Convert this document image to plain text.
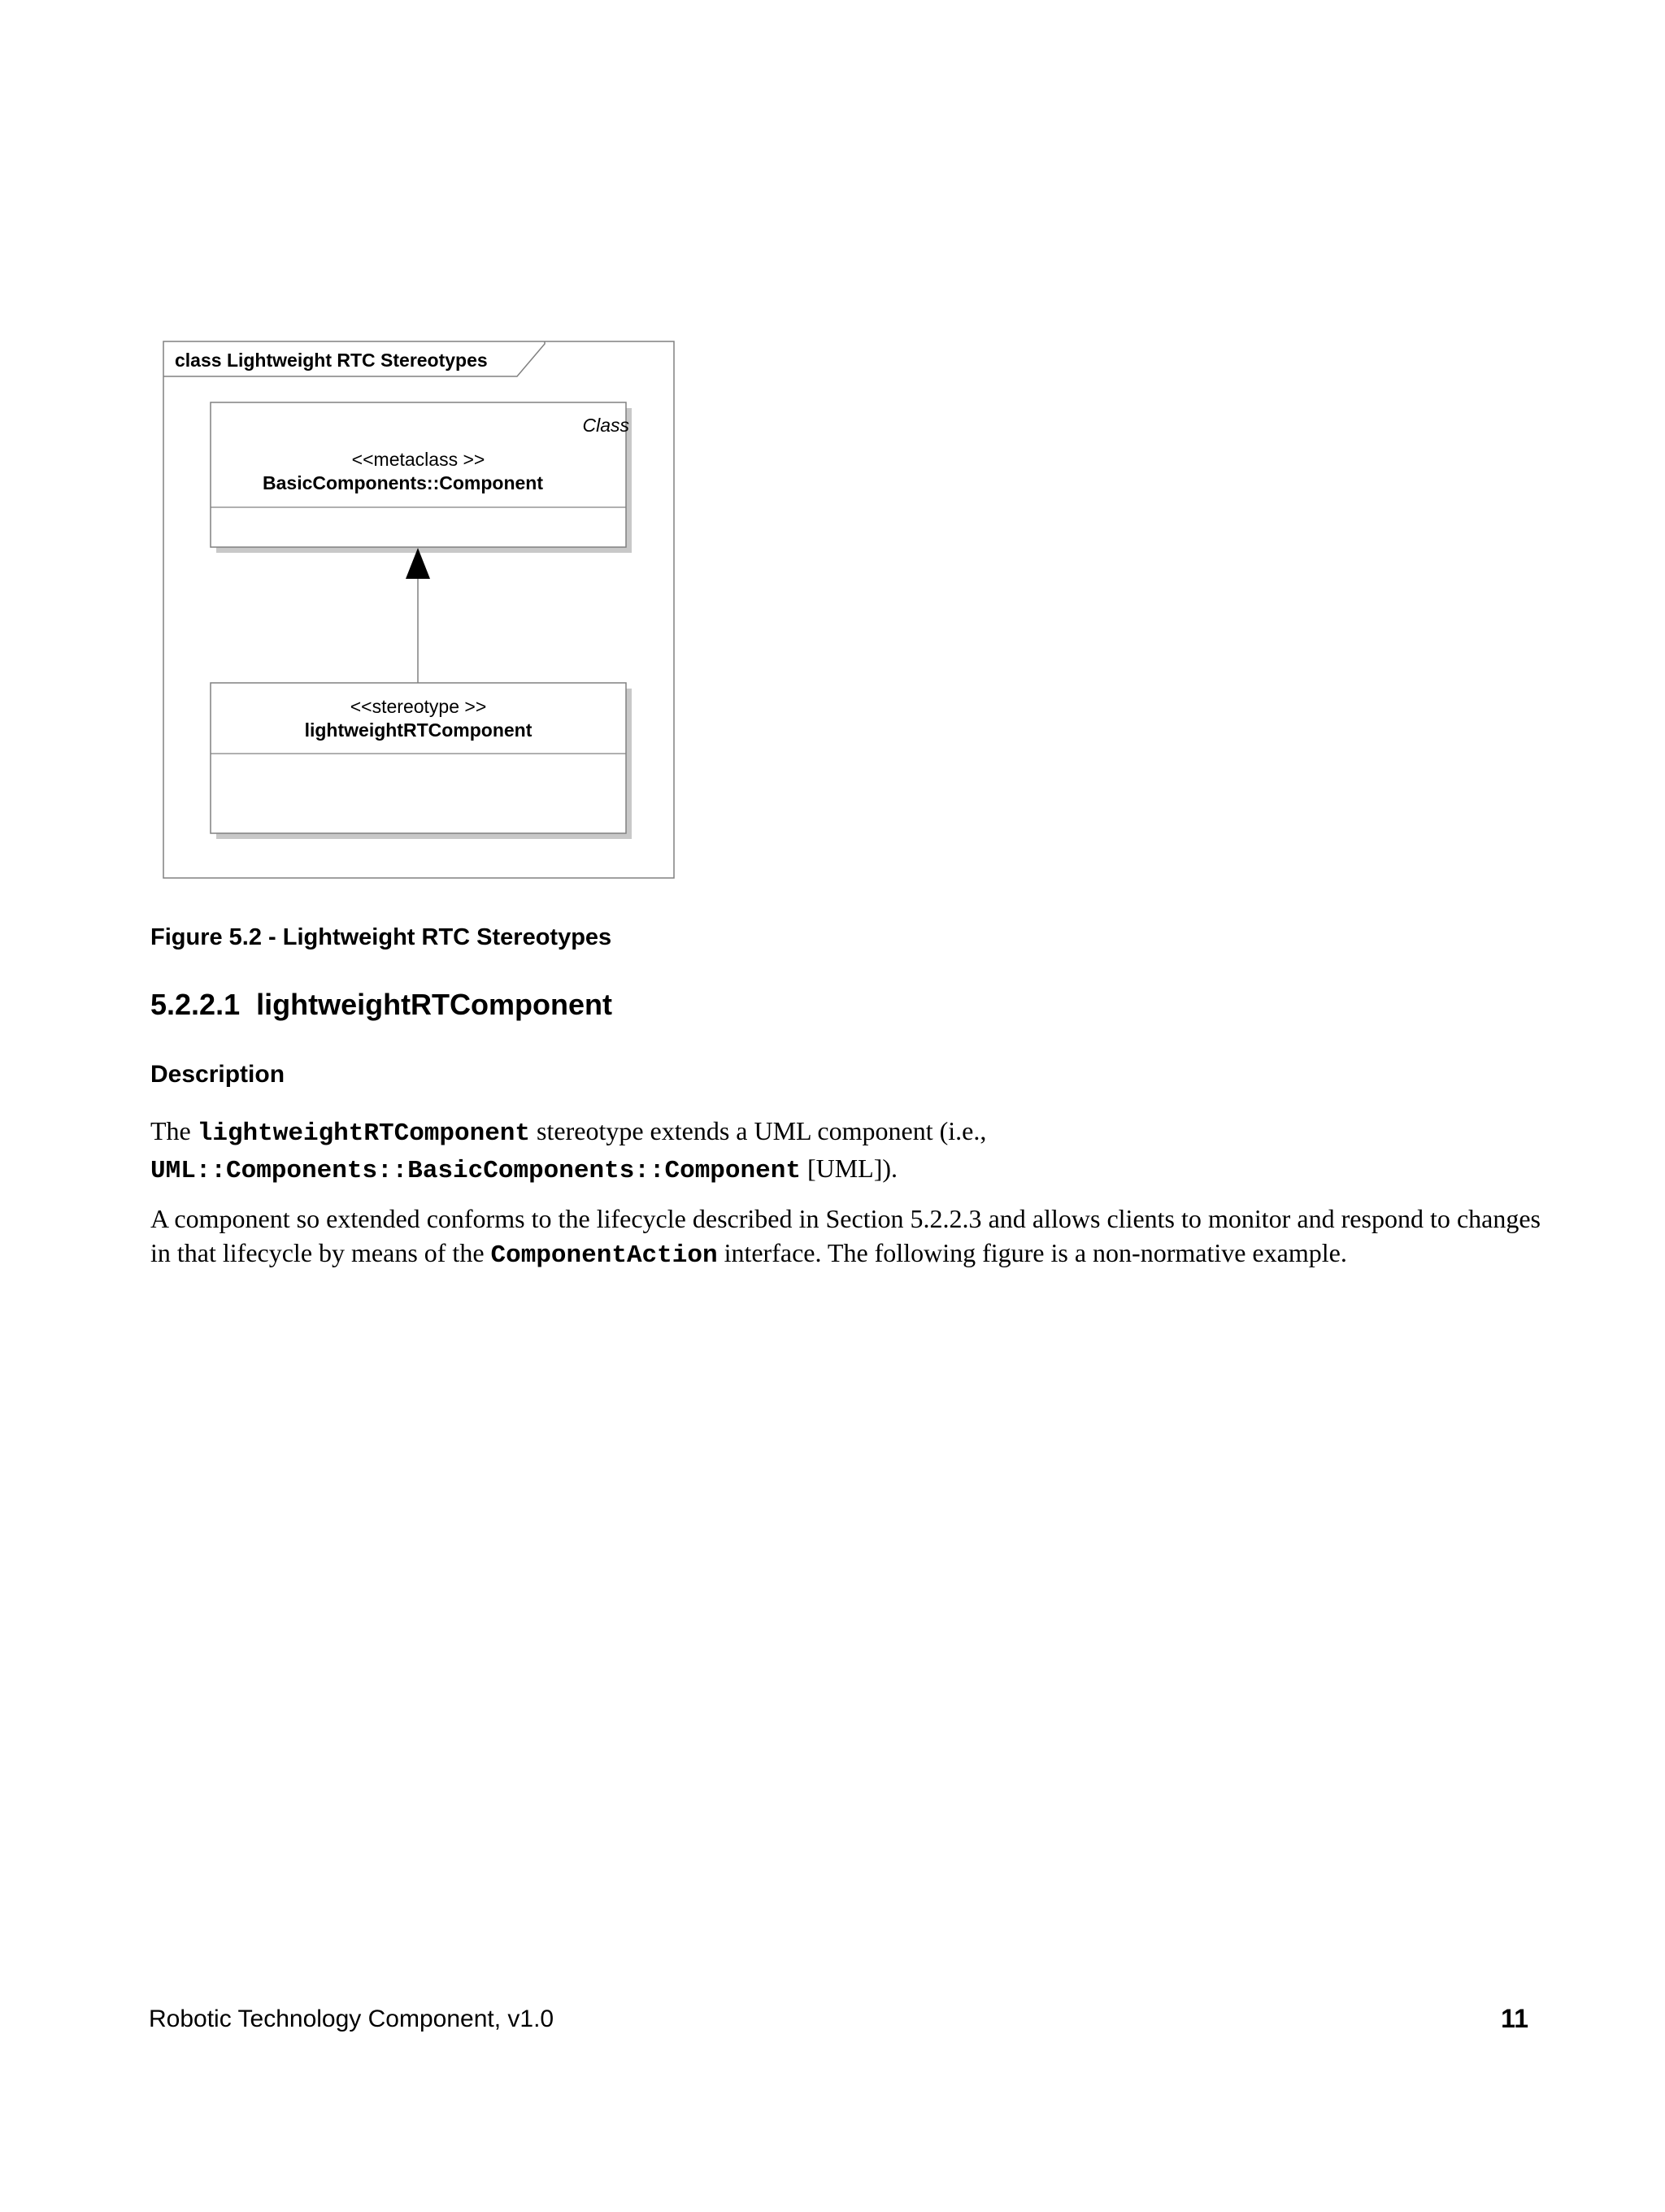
class Lightweight RTC Stereotypes
Class
<<metaclass >>
BasicComponents::Component
<<stereotype >>
lightweightRTComponent
Figure 5.2 - Lightweight RTC Stereotypes
5.2.2.1 lightweightRTComponent
Description
The lightweightRTComponent stereotype extends a UML component (i.e.,
UML::Components::BasicComponents::Component [UML]).
A component so extended conforms to the lifecycle described in Section 5.2.2.3 and allows clients to monitor and respond to changes in that lifecycle by means of the ComponentAction interface. The following figure is a non-normative example.
Robotic Technology Component, v1.0	11
